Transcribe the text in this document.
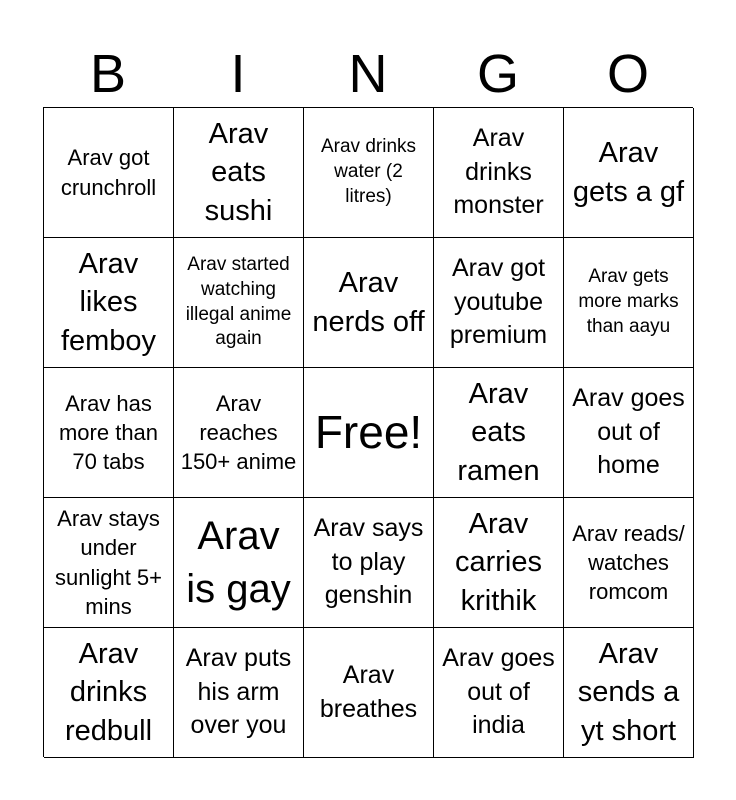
B	I	N	G	O
Arav got crunchroll
Arav eats sushi
Arav drinks water (2 litres)
Arav drinks monster
Arav gets a gf
Arav likes femboy
Arav started watching illegal anime again
Arav nerds off
Arav got youtube premium
Arav gets more marks than aayu
Arav has more than 70 tabs
Arav reaches 150+ anime
Free!
Arav eats ramen
Arav goes out of home
Arav stays under sunlight 5+ mins
Arav is gay
Arav says to play genshin
Arav carries krithik
Arav reads/ watches romcom
Arav drinks redbull
Arav puts his arm over you
Arav breathes
Arav goes out of india
Arav sends a yt short
